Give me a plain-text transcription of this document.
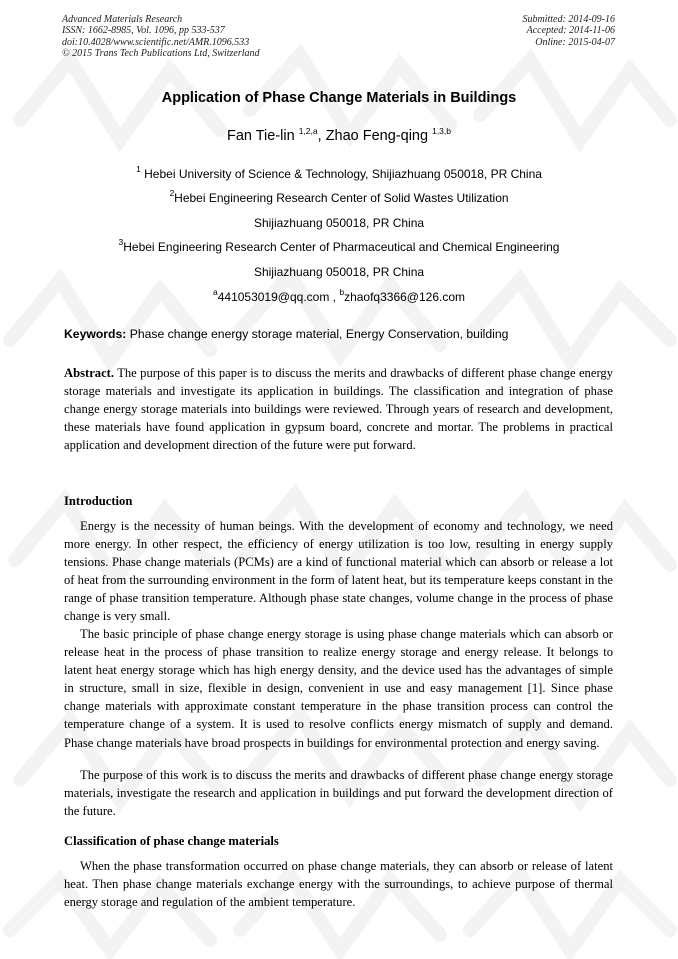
Advanced Materials Research
ISSN: 1662-8985, Vol. 1096, pp 533-537
doi:10.4028/www.scientific.net/AMR.1096.533
© 2015 Trans Tech Publications Ltd, Switzerland
Submitted: 2014-09-16
Accepted: 2014-11-06
Online: 2015-04-07
Application of Phase Change Materials in Buildings
Fan Tie-lin $^{1,2,a}$, Zhao Feng-qing $^{1,3,b}$
$^1$ Hebei University of Science & Technology, Shijiazhuang 050018, PR China
$^2$Hebei Engineering Research Center of Solid Wastes Utilization
Shijiazhuang 050018, PR China
$^3$Hebei Engineering Research Center of Pharmaceutical and Chemical Engineering
Shijiazhuang 050018, PR China
$^a$441053019@qq.com , $^b$zhaofq3366@126.com
Keywords: Phase change energy storage material, Energy Conservation, building
Abstract. The purpose of this paper is to discuss the merits and drawbacks of different phase change energy storage materials and investigate its application in buildings. The classification and integration of phase change energy storage materials into buildings were reviewed. Through years of research and development, these materials have found application in gypsum board, concrete and mortar. The problems in practical application and development direction of the future were put forward.
Introduction
Energy is the necessity of human beings. With the development of economy and technology, we need more energy. In other respect, the efficiency of energy utilization is too low, resulting in energy supply tensions. Phase change materials (PCMs) are a kind of functional material which can absorb or release a lot of heat from the surrounding environment in the form of latent heat, but its temperature keeps constant in the range of phase transition temperature. Although phase state changes, volume change in the process of phase change is very small.
The basic principle of phase change energy storage is using phase change materials which can absorb or release heat in the process of phase transition to realize energy storage and energy release. It belongs to latent heat energy storage which has high energy density, and the device used has the advantages of simple in structure, small in size, flexible in design, convenient in use and easy management [1]. Since phase change materials with approximate constant temperature in the phase transition process can control the temperature change of a system. It is used to resolve conflicts energy mismatch of supply and demand. Phase change materials have broad prospects in buildings for environmental protection and energy saving.
The purpose of this work is to discuss the merits and drawbacks of different phase change energy storage materials, investigate the research and application in buildings and put forward the development direction of the future.
Classification of phase change materials
When the phase transformation occurred on phase change materials, they can absorb or release of latent heat. Then phase change materials exchange energy with the surroundings, to achieve purpose of thermal energy storage and regulation of the ambient temperature.
